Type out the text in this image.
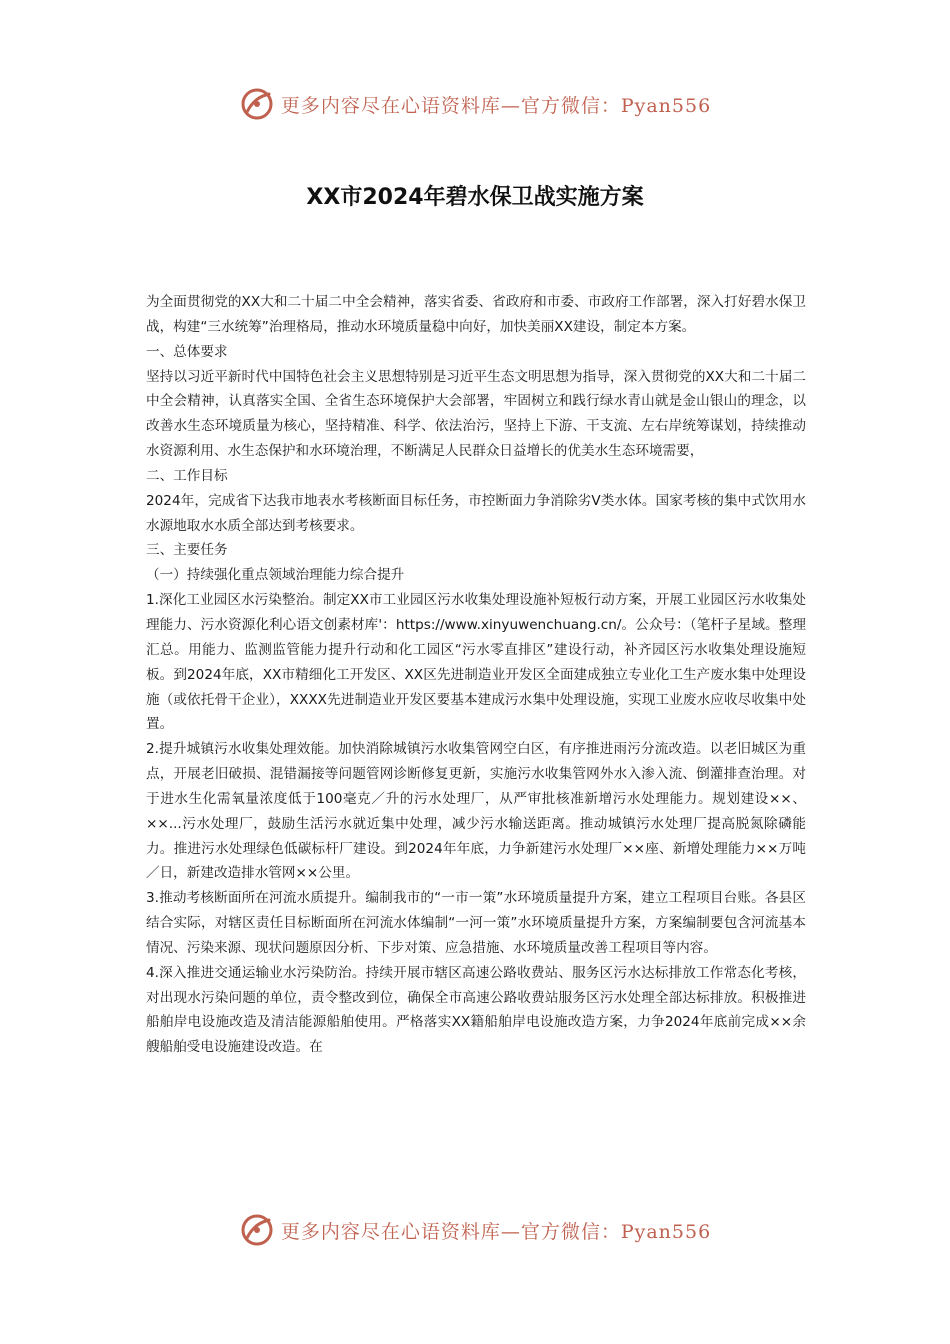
更多内容尽在心语资料库—官方微信：Pyan556
XX市2024年碧水保卫战实施方案

为全面贯彻党的XX大和二十届二中全会精神，落实省委、省政府和市委、市政府工作部署，深入打好碧水保卫战，构建“三水统筹”治理格局，推动水环境质量稳中向好，加快美丽XX建设，制定本方案。

一、总体要求

坚持以习近平新时代中国特色社会主义思想特别是习近平生态文明思想为指导，深入贯彻党的XX大和二十届二中全会精神，认真落实全国、全省生态环境保护大会部署，牢固树立和践行绿水青山就是金山银山的理念，以改善水生态环境质量为核心，坚持精准、科学、依法治污，坚持上下游、干支流、左右岸统筹谋划，持续推动水资源利用、水生态保护和水环境治理，不断满足人民群众日益增长的优美水生态环境需要，

二、工作目标

2024年，完成省下达我市地表水考核断面目标任务，市控断面力争消除劣V类水体。国家考核的集中式饮用水水源地取水水质全部达到考核要求。

三、主要任务

（一）持续强化重点领域治理能力综合提升

1.深化工业园区水污染整治。制定XX市工业园区污水收集处理设施补短板行动方案，开展工业园区污水收集处理能力、污水资源化利心语文创素材库'：https://www.xinyuwenchuang.cn/。公众号：（笔杆子星域。整理汇总。用能力、监测监管能力提升行动和化工园区“污水零直排区”建设行动，补齐园区污水收集处理设施短板。到2024年底，XX市精细化工开发区、XX区先进制造业开发区全面建成独立专业化工生产废水集中处理设施（或依托骨干企业），XXXX先进制造业开发区要基本建成污水集中处理设施，实现工业废水应收尽收集中处置。

2.提升城镇污水收集处理效能。加快消除城镇污水收集管网空白区，有序推进雨污分流改造。以老旧城区为重点，开展老旧破损、混错漏接等问题管网诊断修复更新，实施污水收集管网外水入渗入流、倒灌排查治理。对于进水生化需氧量浓度低于100毫克／升的污水处理厂，从严审批核准新增污水处理能力。规划建设××、××...污水处理厂，鼓励生活污水就近集中处理，减少污水输送距离。推动城镇污水处理厂提高脱氮除磷能力。推进污水处理绿色低碳标杆厂建设。到2024年年底，力争新建污水处理厂××座、新增处理能力××万吨／日，新建改造排水管网××公里。

3.推动考核断面所在河流水质提升。编制我市的“一市一策”水环境质量提升方案，建立工程项目台账。各县区结合实际，对辖区责任目标断面所在河流水体编制“一河一策”水环境质量提升方案，方案编制要包含河流基本情况、污染来源、现状问题原因分析、下步对策、应急措施、水环境质量改善工程项目等内容。

4.深入推进交通运输业水污染防治。持续开展市辖区高速公路收费站、服务区污水达标排放工作常态化考核，对出现水污染问题的单位，责令整改到位，确保全市高速公路收费站服务区污水处理全部达标排放。积极推进船舶岸电设施改造及清洁能源船舶使用。严格落实XX籍船舶岸电设施改造方案，力争2024年底前完成××余艘船舶受电设施建设改造。在

更多内容尽在心语资料库—官方微信：Pyan556
